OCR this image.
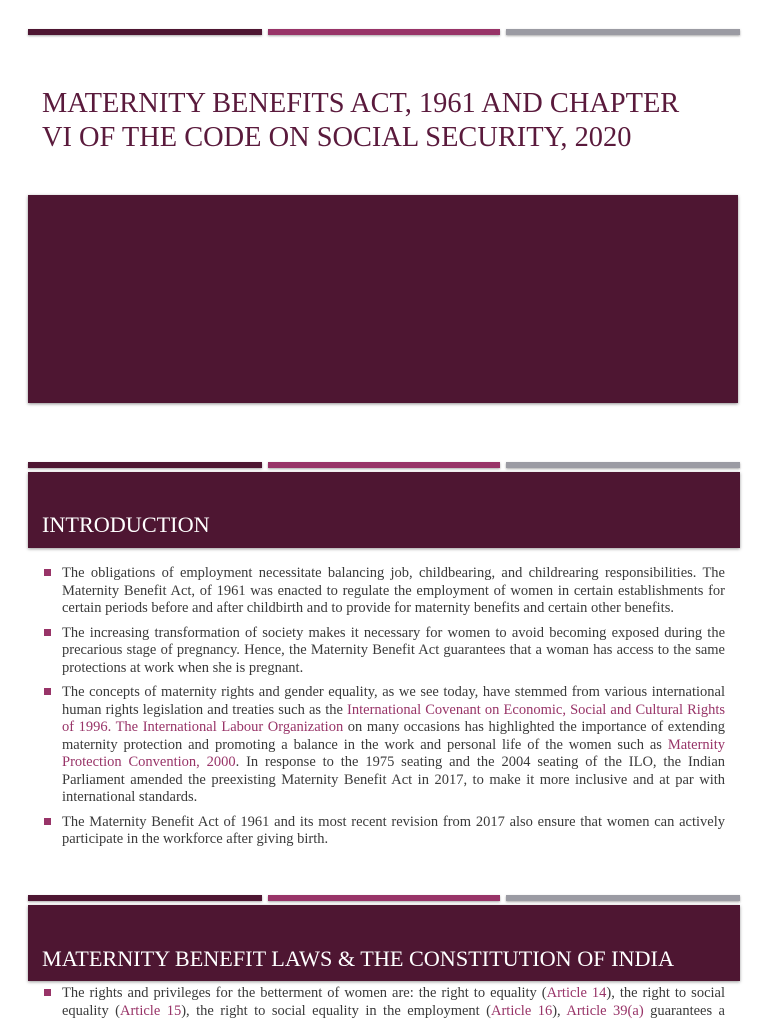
MATERNITY BENEFITS ACT, 1961 AND CHAPTER
VI OF THE CODE ON SOCIAL SECURITY, 2020
INTRODUCTION

The obligations of employment necessitate balancing job, childbearing, and childrearing responsibilities. The Maternity Benefit Act, of 1961 was enacted to regulate the employment of women in certain establishments for certain periods before and after childbirth and to provide for maternity benefits and certain other benefits.

The increasing transformation of society makes it necessary for women to avoid becoming exposed during the precarious stage of pregnancy. Hence, the Maternity Benefit Act guarantees that a woman has access to the same protections at work when she is pregnant.

The concepts of maternity rights and gender equality, as we see today, have stemmed from various international human rights legislation and treaties such as the International Covenant on Economic, Social and Cultural Rights of 1996. The International Labour Organization on many occasions has highlighted the importance of extending maternity protection and promoting a balance in the work and personal life of the women such as Maternity Protection Convention, 2000. In response to the 1975 seating and the 2004 seating of the ILO, the Indian Parliament amended the preexisting Maternity Benefit Act in 2017, to make it more inclusive and at par with international standards.

The Maternity Benefit Act of 1961 and its most recent revision from 2017 also ensure that women can actively participate in the workforce after giving birth.

MATERNITY BENEFIT LAWS & THE CONSTITUTION OF INDIA

The rights and privileges for the betterment of women are: the right to equality (Article 14), the right to social equality (Article 15), the right to social equality in the employment (Article 16), Article 39(a) guarantees a
